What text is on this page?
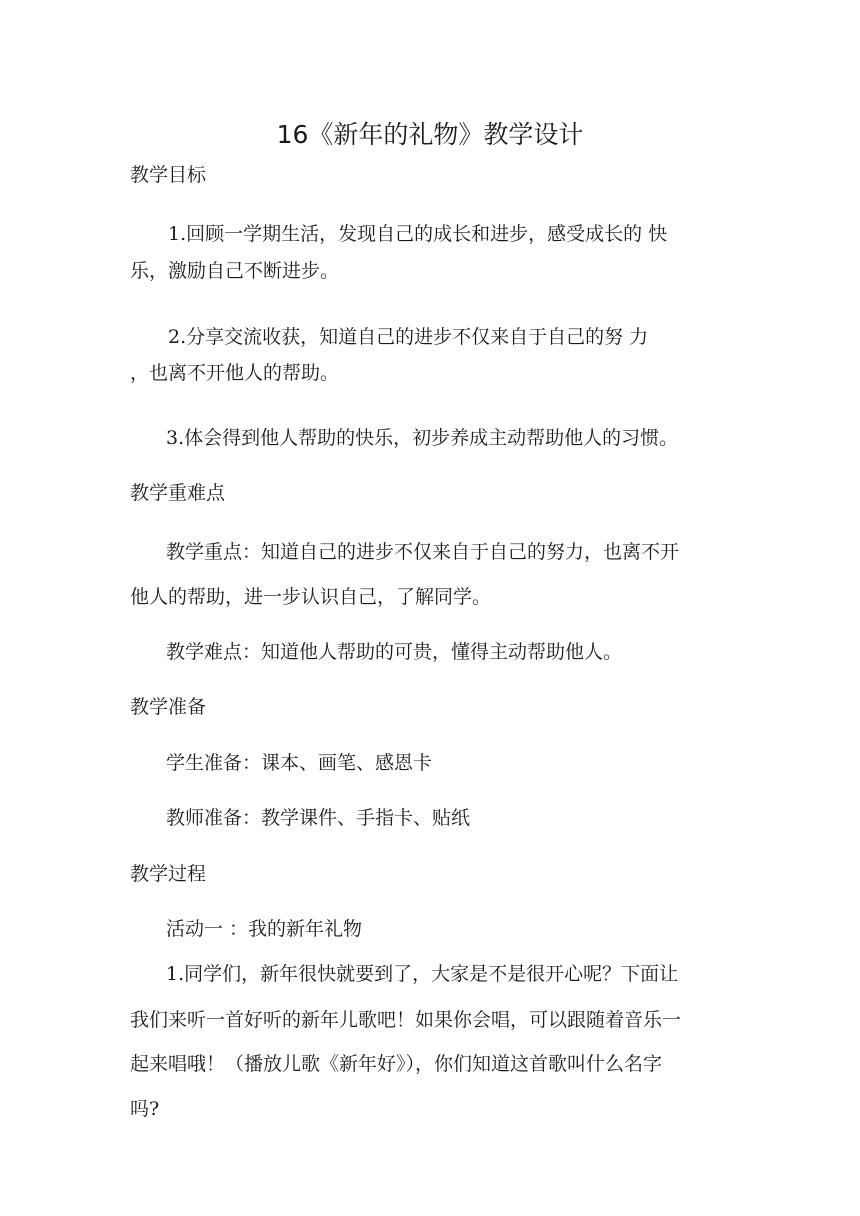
16《新年的礼物》教学设计
教学目标
1.回顾一学期生活，发现自己的成长和进步，感受成长的 快
乐，激励自己不断进步。
2.分享交流收获，知道自己的进步不仅来自于自己的努 力
，也离不开他人的帮助。
3.体会得到他人帮助的快乐，初步养成主动帮助他人的习惯。
教学重难点
教学重点：知道自己的进步不仅来自于自己的努力，也离不开
他人的帮助，进一步认识自己，了解同学。
教学难点：知道他人帮助的可贵，懂得主动帮助他人。
教学准备
学生准备：课本、画笔、感恩卡
教师准备：教学课件、手指卡、贴纸
教学过程
活动一 ：我的新年礼物
1.同学们，新年很快就要到了，大家是不是很开心呢？下面让
我们来听一首好听的新年儿歌吧！如果你会唱，可以跟随着音乐一
起来唱哦！（播放儿歌《新年好》），你们知道这首歌叫什么名字
吗?
